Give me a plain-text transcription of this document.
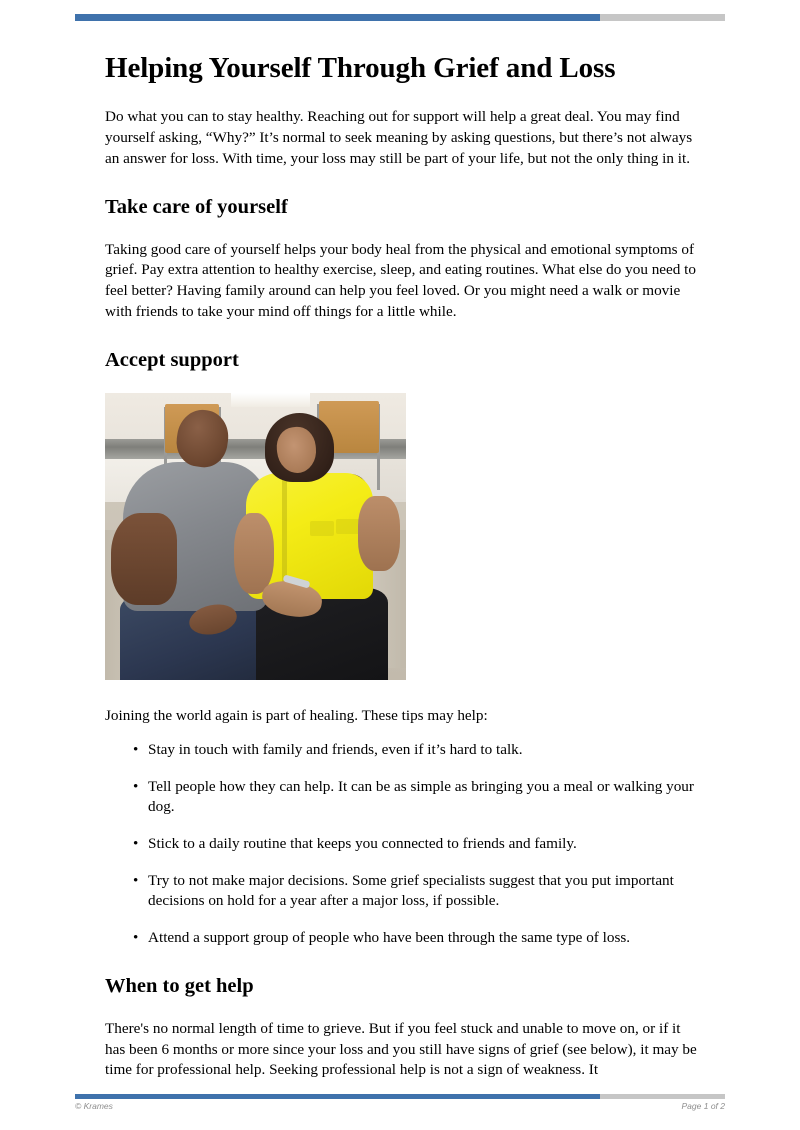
Helping Yourself Through Grief and Loss

Do what you can to stay healthy. Reaching out for support will help a great deal. You may find yourself asking, “Why?” It’s normal to seek meaning by asking questions, but there’s not always an answer for loss. With time, your loss may still be part of your life, but not the only thing in it.

Take care of yourself

Taking good care of yourself helps your body heal from the physical and emotional symptoms of grief. Pay extra attention to healthy exercise, sleep, and eating routines. What else do you need to feel better? Having family around can help you feel loved. Or you might need a walk or movie with friends to take your mind off things for a little while.

Accept support

Joining the world again is part of healing. These tips may help:

• Stay in touch with family and friends, even if it’s hard to talk.
• Tell people how they can help. It can be as simple as bringing you a meal or walking your dog.
• Stick to a daily routine that keeps you connected to friends and family.
• Try to not make major decisions. Some grief specialists suggest that you put important decisions on hold for a year after a major loss, if possible.
• Attend a support group of people who have been through the same type of loss.
When to get help

There's no normal length of time to grieve. But if you feel stuck and unable to move on, or if it has been 6 months or more since your loss and you still have signs of grief (see below), it may be time for professional help. Seeking professional help is not a sign of weakness. It

© Krames	Page 1 of 2
